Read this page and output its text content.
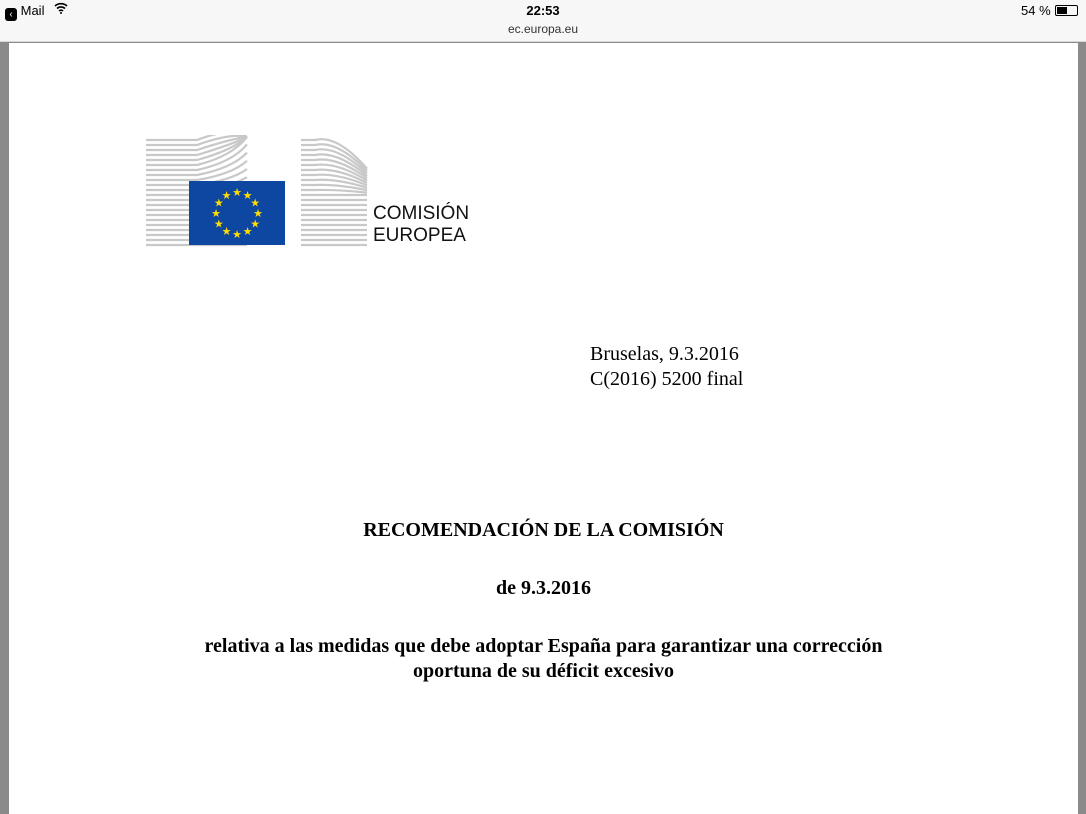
‹ Mail	22:53
ec.europa.eu
54 %
★ ★
★
★
★
★
★
★
★
★
★
★
COMISIÓN
EUROPEA
Bruselas, 9.3.2016
C(2016) 5200 final
RECOMENDACIÓN DE LA COMISIÓN
de 9.3.2016
relativa a las medidas que debe adoptar España para garantizar una corrección
oportuna de su déficit excesivo
